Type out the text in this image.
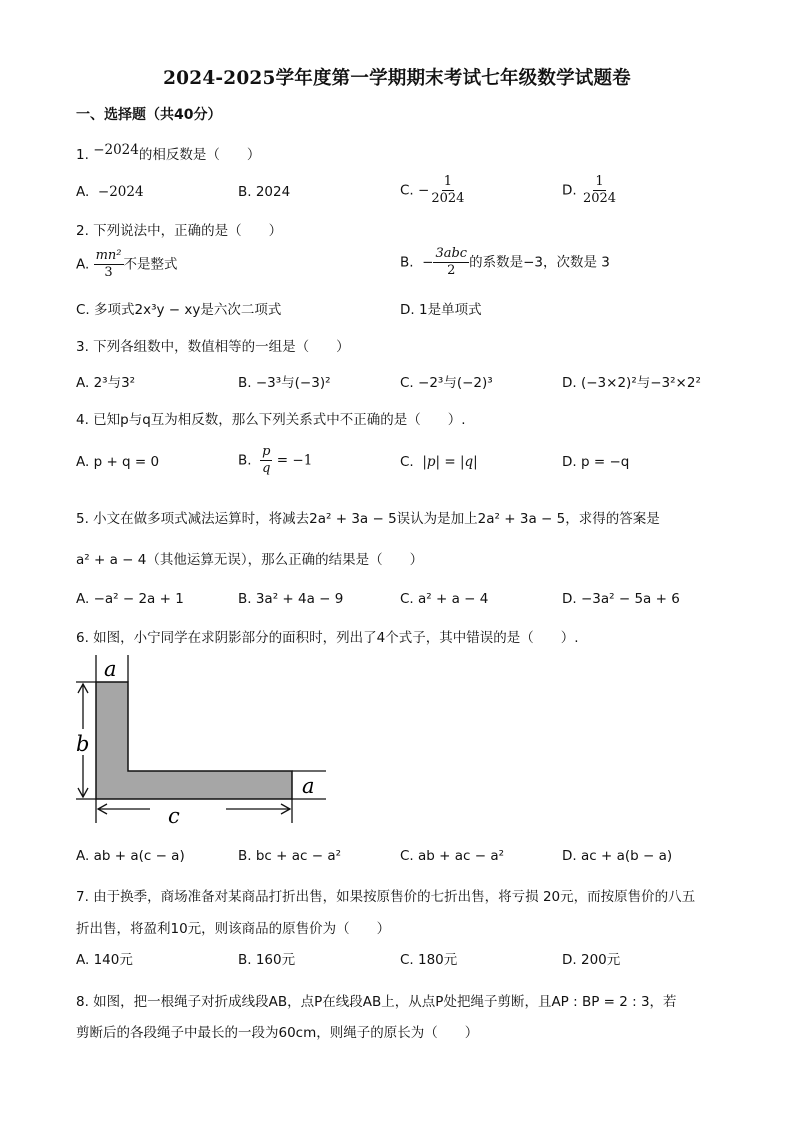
2024-2025学年度第一学期期末考试七年级数学试题卷
一、选择题（共40分）
1. −2024的相反数是（　　）
A. −2024	B. 2024	C. − $\frac{1}{2024}$	D. $\frac{1}{2024}$
2. 下列说法中，正确的是（　　）
A. $\frac{\text{mn²}}{3}$ 不是整式	B. − $\frac{\text{3abc}}{2}$ 的系数是−3，次数是 3
C. 多项式2x³y − xy是六次二项式	D. 1是单项式
3. 下列各组数中，数值相等的一组是（　　）
A. 2³与3²	B. −3³与(−3)²	C. −2³与(−2)³	D. (−3×2)²与−3²×2²
4. 已知p与q互为相反数，那么下列关系式中不正确的是（　　）.
A. p + q = 0	B. $\frac{p}{q} = -1$	C. |p| = |q|	D. p = −q
5. 小文在做多项式减法运算时，将减去2a² + 3a − 5误认为是加上2a² + 3a − 5，求得的答案是
a² + a − 4（其他运算无误），那么正确的结果是（　　）
A. −a² − 2a + 1	B. 3a² + 4a − 9	C. a² + a − 4	D. −3a² − 5a + 6
6. 如图，小宁同学在求阴影部分的面积时，列出了4个式子，其中错误的是（　　）.
a
b
a
c
A. ab + a(c − a)	B. bc + ac − a²	C. ab + ac − a²	D. ac + a(b − a)
7. 由于换季，商场准备对某商品打折出售，如果按原售价的七折出售，将亏损 20元，而按原售价的八五
折出售，将盈利10元，则该商品的原售价为（　　）
A. 140元	B. 160元	C. 180元	D. 200元
8. 如图，把一根绳子对折成线段AB，点P在线段AB上，从点P处把绳子剪断，且AP : BP = 2 : 3，若
剪断后的各段绳子中最长的一段为60cm，则绳子的原长为（　　）
